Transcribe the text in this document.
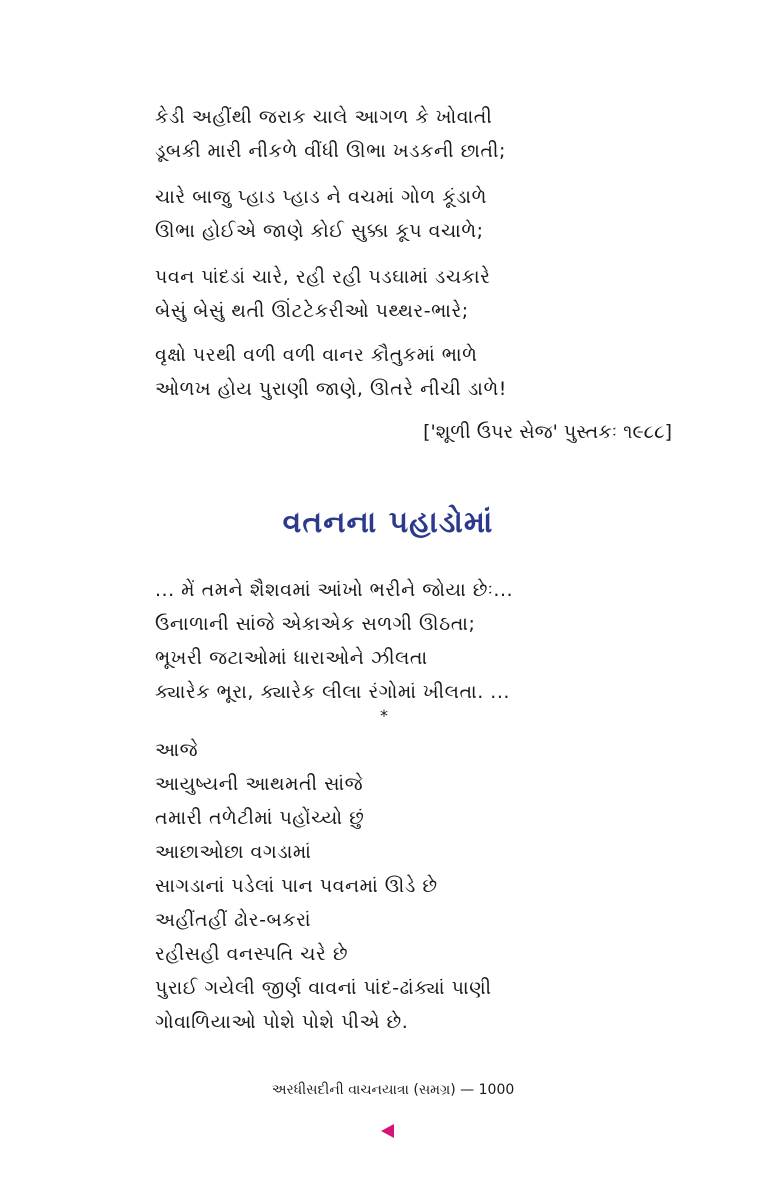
કેડી અહીંથી જરાક ચાલે આગળ કે ખોવાતી
ડૂબકી મારી નીકળે વીંધી ઊભા ખડકની છાતી;
ચારે બાજુ પ્હાડ પ્હાડ ને વચમાં ગોળ કૂંડાળે
ઊભા હોઈએ જાણે કોઈ સુક્કા કૂપ વચાળે;
પવન પાંદડાં ચારે, રહી રહી પડઘામાં ડચકારે
બેસું બેસું થતી ઊંટટેકરીઓ પથ્થર-ભારે;
વૃક્ષો પરથી વળી વળી વાનર કૌતુકમાં ભાળે
ઓળખ હોય પુરાણી જાણે, ઊતરે નીચી ડાળે!
['શૂળી ઉપર સેજ' પુસ્તકઃ ૧૯૮૮]
વતનના પહાડોમાં
... મેં તમને શૈશવમાં આંખો ભરીને જોયા છેઃ...
ઉનાળાની સાંજે એકાએક સળગી ઊઠતા;
ભૂખરી જટાઓમાં ધારાઓને ઝીલતા
ક્યારેક ભૂરા, ક્યારેક લીલા રંગોમાં ખીલતા. ...
*
આજે
આયુષ્યની આથમતી સાંજે
તમારી તળેટીમાં પહોંચ્યો છું
આછાઓછા વગડામાં
સાગડાનાં પડેલાં પાન પવનમાં ઊડે છે
અહીંતહીં ઢોર-બકરાં
રહીસહી વનસ્પતિ ચરે છે
પુરાઈ ગયેલી જીર્ણ વાવનાં પાંદ-ઢાંક્યાં પાણી
ગોવાળિયાઓ પોશે પોશે પીએ છે.
અરધીસદીની વાચનયાત્રા (સમગ્ર) — 1000
